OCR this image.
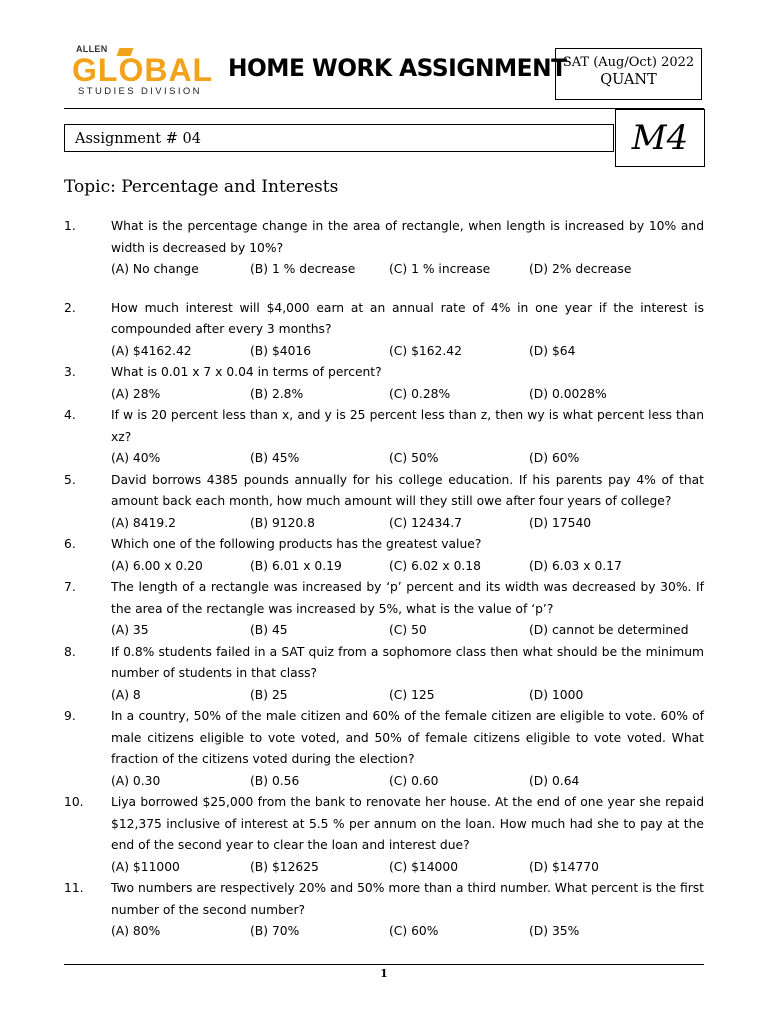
ALLEN
GLOBAL
STUDIES DIVISION
HOME WORK ASSIGNMENT
SAT (Aug/Oct) 2022
QUANT
Assignment # 04	M4
Topic: Percentage and Interests
1.	What is the percentage change in the area of rectangle, when length is increased by 10% and width is decreased by 10%?
(A) No change	(B) 1 % decrease	(C) 1 % increase	(D) 2% decrease
2.	How much interest will $4,000 earn at an annual rate of 4% in one year if the interest is compounded after every 3 months?
(A) $4162.42	(B) $4016	(C) $162.42	(D) $64
3.	What is 0.01 x 7 x 0.04 in terms of percent?
(A) 28%	(B) 2.8%	(C) 0.28%	(D) 0.0028%
4.	If w is 20 percent less than x, and y is 25 percent less than z, then wy is what percent less than xz?
(A) 40%	(B) 45%	(C) 50%	(D) 60%
5.	David borrows 4385 pounds annually for his college education. If his parents pay 4% of that amount back each month, how much amount will they still owe after four years of college?
(A) 8419.2	(B) 9120.8	(C) 12434.7	(D) 17540
6.	Which one of the following products has the greatest value?
(A) 6.00 x 0.20	(B) 6.01 x 0.19	(C) 6.02 x 0.18	(D) 6.03 x 0.17
7.	The length of a rectangle was increased by ‘p’ percent and its width was decreased by 30%. If the area of the rectangle was increased by 5%, what is the value of ‘p’?
(A) 35	(B) 45	(C) 50	(D) cannot be determined
8.	If 0.8% students failed in a SAT quiz from a sophomore class then what should be the minimum number of students in that class?
(A) 8	(B) 25	(C) 125	(D) 1000
9.	In a country, 50% of the male citizen and 60% of the female citizen are eligible to vote. 60% of male citizens eligible to vote voted, and 50% of female citizens eligible to vote voted. What fraction of the citizens voted during the election?
(A) 0.30	(B) 0.56	(C) 0.60	(D) 0.64
10.	Liya borrowed $25,000 from the bank to renovate her house. At the end of one year she repaid $12,375 inclusive of interest at 5.5 % per annum on the loan. How much had she to pay at the end of the second year to clear the loan and interest due?
(A) $11000	(B) $12625	(C) $14000	(D) $14770
11.	Two numbers are respectively 20% and 50% more than a third number. What percent is the first number of the second number?
(A) 80%	(B) 70%	(C) 60%	(D) 35%
1
